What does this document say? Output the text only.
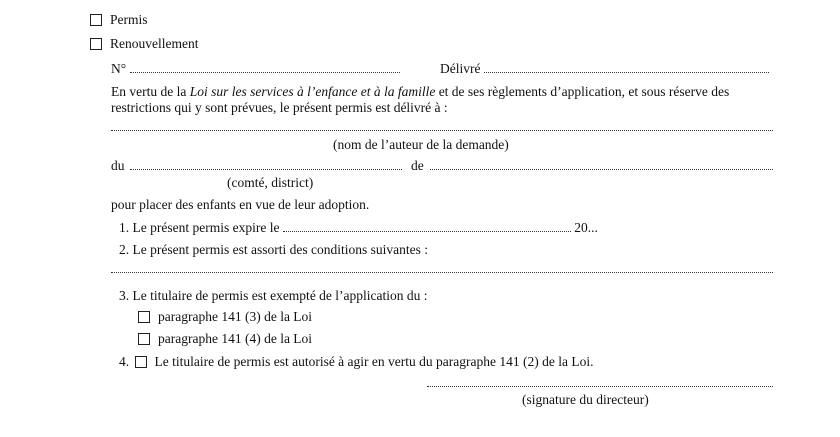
Permis
Renouvellement
N°	Délivré
En vertu de la Loi sur les services à l’enfance et à la famille et de ses règlements d’application, et sous réserve des
restrictions qui y sont prévues, le présent permis est délivré à :
(nom de l’auteur de la demande)
du	de
(comté, district)
pour placer des enfants en vue de leur adoption.
1. Le présent permis expire le	20...
2. Le présent permis est assorti des conditions suivantes :
3. Le titulaire de permis est exempté de l’application du :
paragraphe 141 (3) de la Loi
paragraphe 141 (4) de la Loi
4. Le titulaire de permis est autorisé à agir en vertu du paragraphe 141 (2) de la Loi.
(signature du directeur)
